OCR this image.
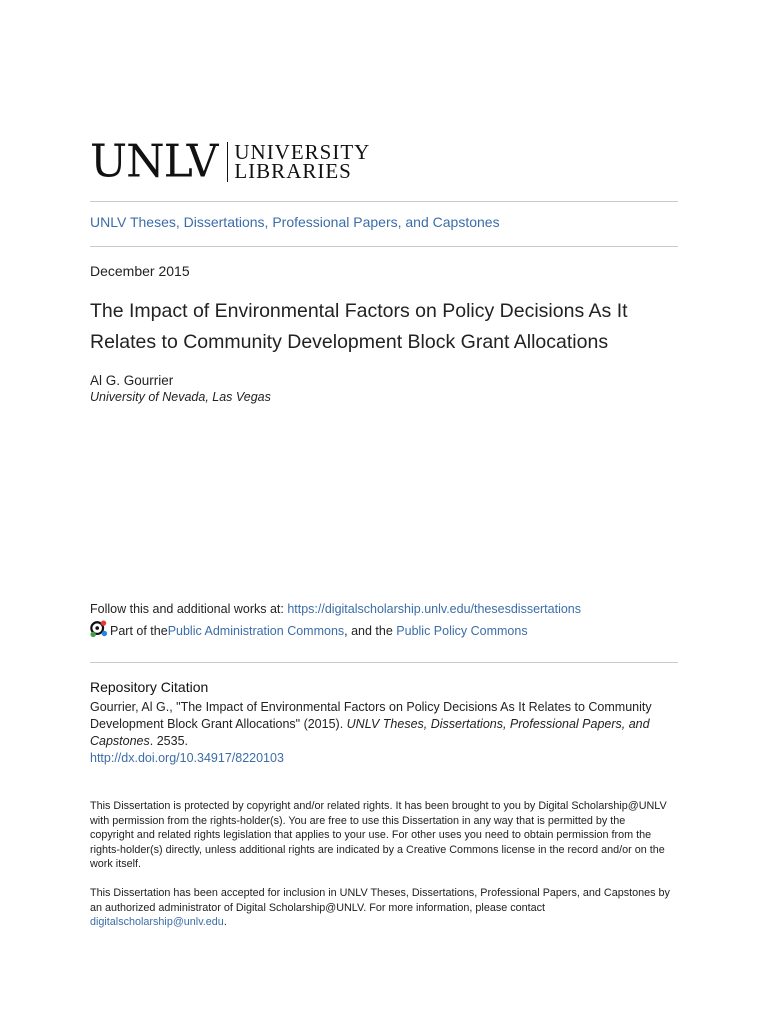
UNLV UNIVERSITY
LIBRARIES
UNLV Theses, Dissertations, Professional Papers, and Capstones
December 2015
The Impact of Environmental Factors on Policy Decisions As It Relates to Community Development Block Grant Allocations
Al G. Gourrier
University of Nevada, Las Vegas
Follow this and additional works at: https://digitalscholarship.unlv.edu/thesesdissertations
Part of the Public Administration Commons , and the Public Policy Commons
Repository Citation
Gourrier, Al G., "The Impact of Environmental Factors on Policy Decisions As It Relates to Community Development Block Grant Allocations" (2015). UNLV Theses, Dissertations, Professional Papers, and Capstones. 2535.
http://dx.doi.org/10.34917/8220103
This Dissertation is protected by copyright and/or related rights. It has been brought to you by Digital Scholarship@UNLV with permission from the rights-holder(s). You are free to use this Dissertation in any way that is permitted by the copyright and related rights legislation that applies to your use. For other uses you need to obtain permission from the rights-holder(s) directly, unless additional rights are indicated by a Creative Commons license in the record and/or on the work itself.
This Dissertation has been accepted for inclusion in UNLV Theses, Dissertations, Professional Papers, and Capstones by an authorized administrator of Digital Scholarship@UNLV. For more information, please contact digitalscholarship@unlv.edu.
